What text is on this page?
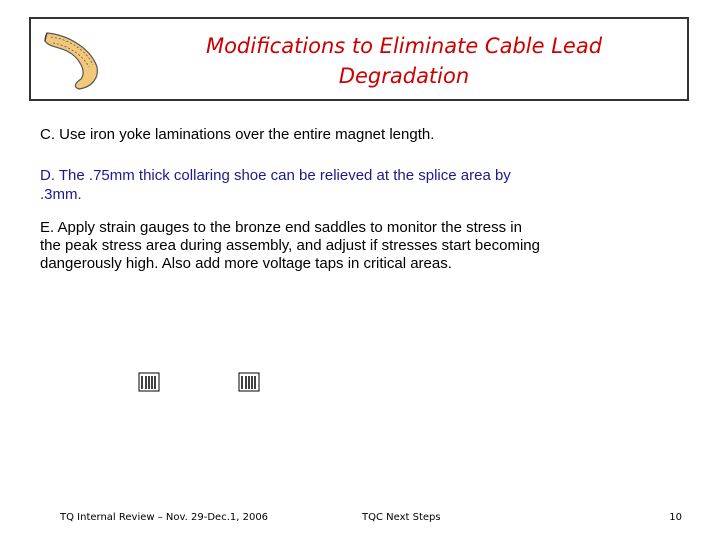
Modifications to Eliminate Cable Lead Degradation
C. Use iron yoke laminations over the entire magnet length.
D. The .75mm thick collaring shoe can be relieved at the splice area by .3mm.
E. Apply strain gauges to the bronze end saddles to monitor the stress in the peak stress area during assembly, and adjust if stresses start becoming dangerously high. Also add more voltage taps in critical areas.
TQ Internal Review – Nov. 29-Dec.1, 2006	TQC Next Steps	10
